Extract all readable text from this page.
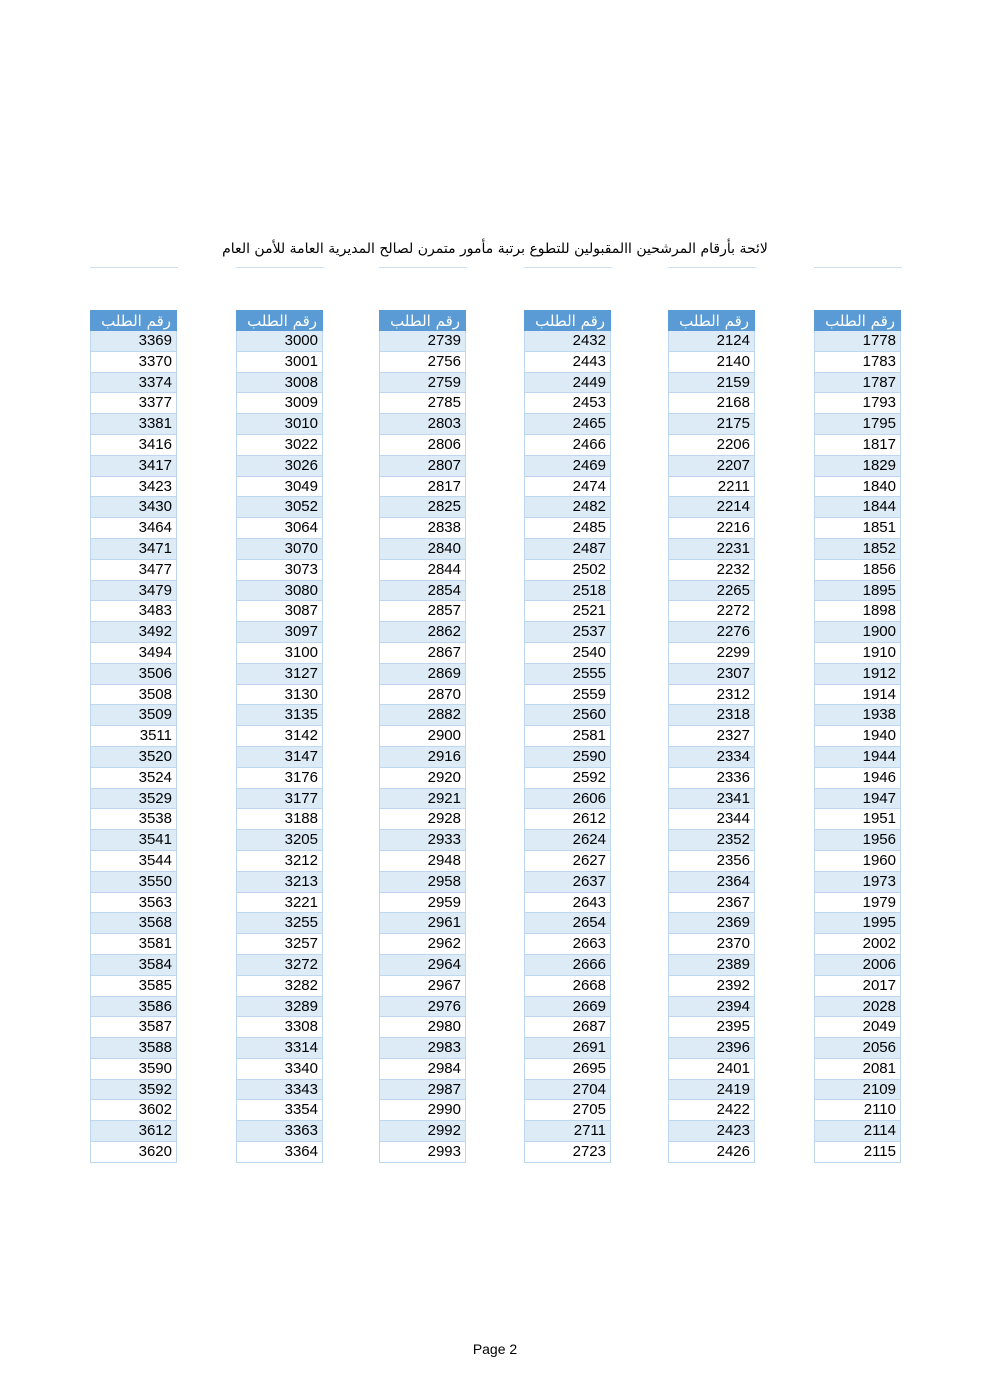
لائحة بأرقام المرشحين االمقبولين للتطوع برتبة مأمور متمرن لصالح المديرية العامة للأمن العام
رقم الطلب
3369
3370
3374
3377
3381
3416
3417
3423
3430
3464
3471
3477
3479
3483
3492
3494
3506
3508
3509
3511
3520
3524
3529
3538
3541
3544
3550
3563
3568
3581
3584
3585
3586
3587
3588
3590
3592
3602
3612
3620
رقم الطلب
3000
3001
3008
3009
3010
3022
3026
3049
3052
3064
3070
3073
3080
3087
3097
3100
3127
3130
3135
3142
3147
3176
3177
3188
3205
3212
3213
3221
3255
3257
3272
3282
3289
3308
3314
3340
3343
3354
3363
3364
رقم الطلب
2739
2756
2759
2785
2803
2806
2807
2817
2825
2838
2840
2844
2854
2857
2862
2867
2869
2870
2882
2900
2916
2920
2921
2928
2933
2948
2958
2959
2961
2962
2964
2967
2976
2980
2983
2984
2987
2990
2992
2993
رقم الطلب
2432
2443
2449
2453
2465
2466
2469
2474
2482
2485
2487
2502
2518
2521
2537
2540
2555
2559
2560
2581
2590
2592
2606
2612
2624
2627
2637
2643
2654
2663
2666
2668
2669
2687
2691
2695
2704
2705
2711
2723
رقم الطلب
2124
2140
2159
2168
2175
2206
2207
2211
2214
2216
2231
2232
2265
2272
2276
2299
2307
2312
2318
2327
2334
2336
2341
2344
2352
2356
2364
2367
2369
2370
2389
2392
2394
2395
2396
2401
2419
2422
2423
2426
رقم الطلب
1778
1783
1787
1793
1795
1817
1829
1840
1844
1851
1852
1856
1895
1898
1900
1910
1912
1914
1938
1940
1944
1946
1947
1951
1956
1960
1973
1979
1995
2002
2006
2017
2028
2049
2056
2081
2109
2110
2114
2115
Page 2
